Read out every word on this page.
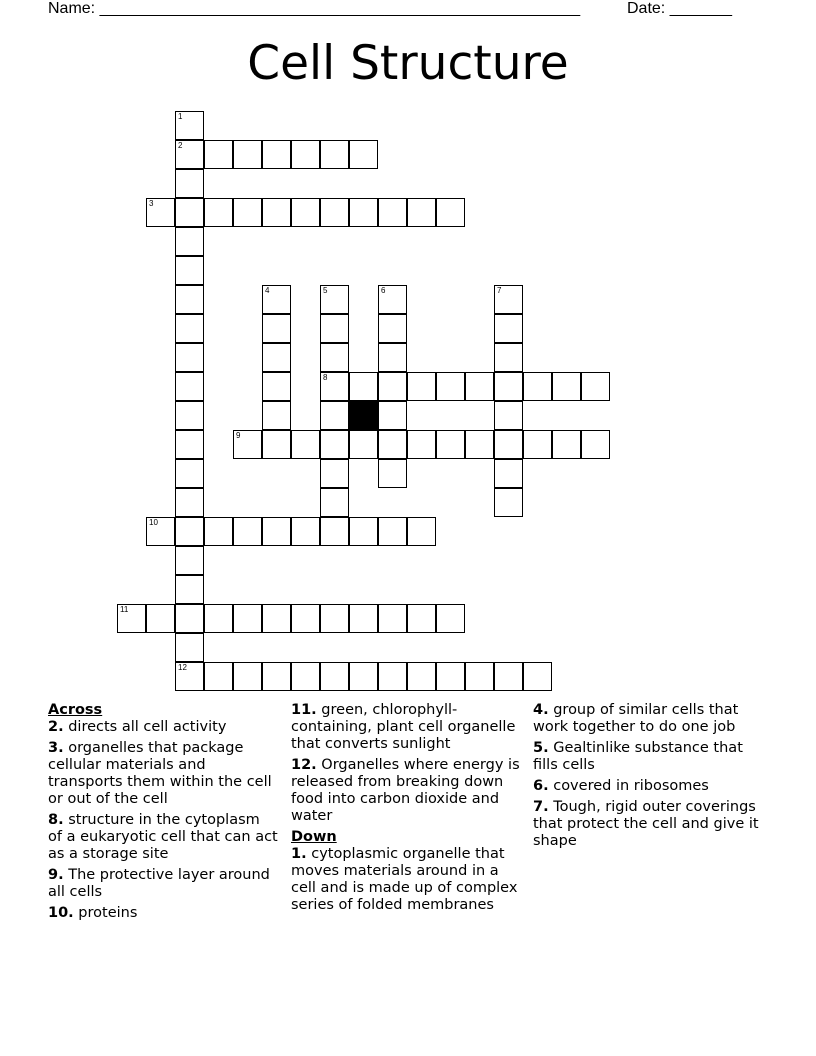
Name: ______________________________________________________	Date: _______
Cell Structure
1
2
12
3
4	5
8
6	7
9
10
11

Across

2. directs all cell activity

3. organelles that package cellular materials and transports them within the cell or out of the cell

8. structure in the cytoplasm of a eukaryotic cell that can act as a storage site

9. The protective layer around all cells

10. proteins

11. green, chlorophyll-containing, plant cell organelle that converts sunlight

12. Organelles where energy is released from breaking down food into carbon dioxide and water

Down

1. cytoplasmic organelle that moves materials around in a cell and is made up of complex series of folded membranes

4. group of similar cells that work together to do one job

5. Gealtinlike substance that fills cells

6. covered in ribosomes

7. Tough, rigid outer coverings that protect the cell and give it shape
